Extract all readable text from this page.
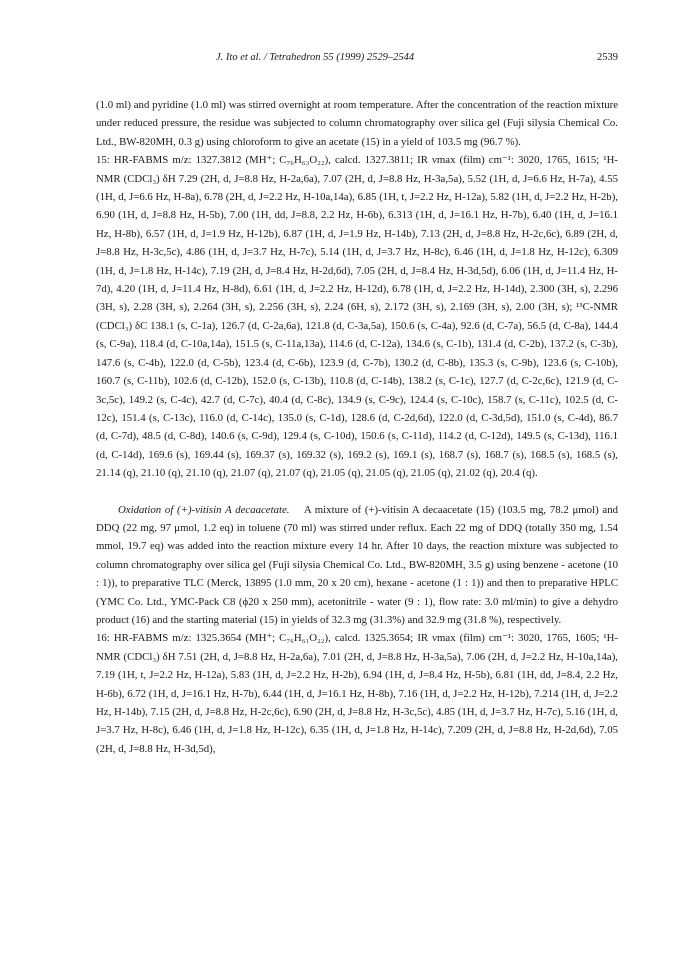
J. Ito et al. / Tetrahedron 55 (1999) 2529–2544	2539

(1.0 ml) and pyridine (1.0 ml) was stirred overnight at room temperature. After the concentration of the reaction mixture under reduced pressure, the residue was subjected to column chromatography over silica gel (Fuji silysia Chemical Co. Ltd., BW-820MH, 0.3 g) using chloroform to give an acetate (15) in a yield of 103.5 mg (96.7 %).

15: HR-FABMS m/z: 1327.3812 (MH⁺; C₇₆H₆₃O₂₂), calcd. 1327.3811; IR νmax (film) cm⁻¹: 3020, 1765, 1615; ¹H-NMR (CDCl₃) δH 7.29 (2H, d, J=8.8 Hz, H-2a,6a), 7.07 (2H, d, J=8.8 Hz, H-3a,5a), 5.52 (1H, d, J=6.6 Hz, H-7a), 4.55 (1H, d, J=6.6 Hz, H-8a), 6.78 (2H, d, J=2.2 Hz, H-10a,14a), 6.85 (1H, t, J=2.2 Hz, H-12a), 5.82 (1H, d, J=2.2 Hz, H-2b), 6.90 (1H, d, J=8.8 Hz, H-5b), 7.00 (1H, dd, J=8.8, 2.2 Hz, H-6b), 6.313 (1H, d, J=16.1 Hz, H-7b), 6.40 (1H, d, J=16.1 Hz, H-8b), 6.57 (1H, d, J=1.9 Hz, H-12b), 6.87 (1H, d, J=1.9 Hz, H-14b), 7.13 (2H, d, J=8.8 Hz, H-2c,6c), 6.89 (2H, d, J=8.8 Hz, H-3c,5c), 4.86 (1H, d, J=3.7 Hz, H-7c), 5.14 (1H, d, J=3.7 Hz, H-8c), 6.46 (1H, d, J=1.8 Hz, H-12c), 6.309 (1H, d, J=1.8 Hz, H-14c), 7.19 (2H, d, J=8.4 Hz, H-2d,6d), 7.05 (2H, d, J=8.4 Hz, H-3d,5d), 6.06 (1H, d, J=11.4 Hz, H-7d), 4.20 (1H, d, J=11.4 Hz, H-8d), 6.61 (1H, d, J=2.2 Hz, H-12d), 6.78 (1H, d, J=2.2 Hz, H-14d), 2.300 (3H, s), 2.296 (3H, s), 2.28 (3H, s), 2.264 (3H, s), 2.256 (3H, s), 2.24 (6H, s), 2.172 (3H, s), 2.169 (3H, s), 2.00 (3H, s); ¹³C-NMR (CDCl₃) δC 138.1 (s, C-1a), 126.7 (d, C-2a,6a), 121.8 (d, C-3a,5a), 150.6 (s, C-4a), 92.6 (d, C-7a), 56.5 (d, C-8a), 144.4 (s, C-9a), 118.4 (d, C-10a,14a), 151.5 (s, C-11a,13a), 114.6 (d, C-12a), 134.6 (s, C-1b), 131.4 (d, C-2b), 137.2 (s, C-3b), 147.6 (s, C-4b), 122.0 (d, C-5b), 123.4 (d, C-6b), 123.9 (d, C-7b), 130.2 (d, C-8b), 135.3 (s, C-9b), 123.6 (s, C-10b), 160.7 (s, C-11b), 102.6 (d, C-12b), 152.0 (s, C-13b), 110.8 (d, C-14b), 138.2 (s, C-1c), 127.7 (d, C-2c,6c), 121.9 (d, C-3c,5c), 149.2 (s, C-4c), 42.7 (d, C-7c), 40.4 (d, C-8c), 134.9 (s, C-9c), 124.4 (s, C-10c), 158.7 (s, C-11c), 102.5 (d, C-12c), 151.4 (s, C-13c), 116.0 (d, C-14c), 135.0 (s, C-1d), 128.6 (d, C-2d,6d), 122.0 (d, C-3d,5d), 151.0 (s, C-4d), 86.7 (d, C-7d), 48.5 (d, C-8d), 140.6 (s, C-9d), 129.4 (s, C-10d), 150.6 (s, C-11d), 114.2 (d, C-12d), 149.5 (s, C-13d), 116.1 (d, C-14d), 169.6 (s), 169.44 (s), 169.37 (s), 169.32 (s), 169.2 (s), 169.1 (s), 168.7 (s), 168.7 (s), 168.5 (s), 168.5 (s), 21.14 (q), 21.10 (q), 21.10 (q), 21.07 (q), 21.07 (q), 21.05 (q), 21.05 (q), 21.05 (q), 21.02 (q), 20.4 (q).

Oxidation of (+)-vitisin A decaacetate. A mixture of (+)-vitisin A decaacetate (15) (103.5 mg, 78.2 μmol) and DDQ (22 mg, 97 μmol, 1.2 eq) in toluene (70 ml) was stirred under reflux. Each 22 mg of DDQ (totally 350 mg, 1.54 mmol, 19.7 eq) was added into the reaction mixture every 14 hr. After 10 days, the reaction mixture was subjected to column chromatography over silica gel (Fuji silysia Chemical Co. Ltd., BW-820MH, 3.5 g) using benzene - acetone (10 : 1)), to preparative TLC (Merck, 13895 (1.0 mm, 20 x 20 cm), hexane - acetone (1 : 1)) and then to preparative HPLC (YMC Co. Ltd., YMC-Pack C8 (ϕ20 x 250 mm), acetonitrile - water (9 : 1), flow rate: 3.0 ml/min) to give a dehydro product (16) and the starting material (15) in yields of 32.3 mg (31.3%) and 32.9 mg (31.8 %), respectively.

16: HR-FABMS m/z: 1325.3654 (MH⁺; C₇₆H₆₁O₂₂), calcd. 1325.3654; IR νmax (film) cm⁻¹: 3020, 1765, 1605; ¹H-NMR (CDCl₃) δH 7.51 (2H, d, J=8.8 Hz, H-2a,6a), 7.01 (2H, d, J=8.8 Hz, H-3a,5a), 7.06 (2H, d, J=2.2 Hz, H-10a,14a), 7.19 (1H, t, J=2.2 Hz, H-12a), 5.83 (1H, d, J=2.2 Hz, H-2b), 6.94 (1H, d, J=8.4 Hz, H-5b), 6.81 (1H, dd, J=8.4, 2.2 Hz, H-6b), 6.72 (1H, d, J=16.1 Hz, H-7b), 6.44 (1H, d, J=16.1 Hz, H-8b), 7.16 (1H, d, J=2.2 Hz, H-12b), 7.214 (1H, d, J=2.2 Hz, H-14b), 7.15 (2H, d, J=8.8 Hz, H-2c,6c), 6.90 (2H, d, J=8.8 Hz, H-3c,5c), 4.85 (1H, d, J=3.7 Hz, H-7c), 5.16 (1H, d, J=3.7 Hz, H-8c), 6.46 (1H, d, J=1.8 Hz, H-12c), 6.35 (1H, d, J=1.8 Hz, H-14c), 7.209 (2H, d, J=8.8 Hz, H-2d,6d), 7.05 (2H, d, J=8.8 Hz, H-3d,5d),
